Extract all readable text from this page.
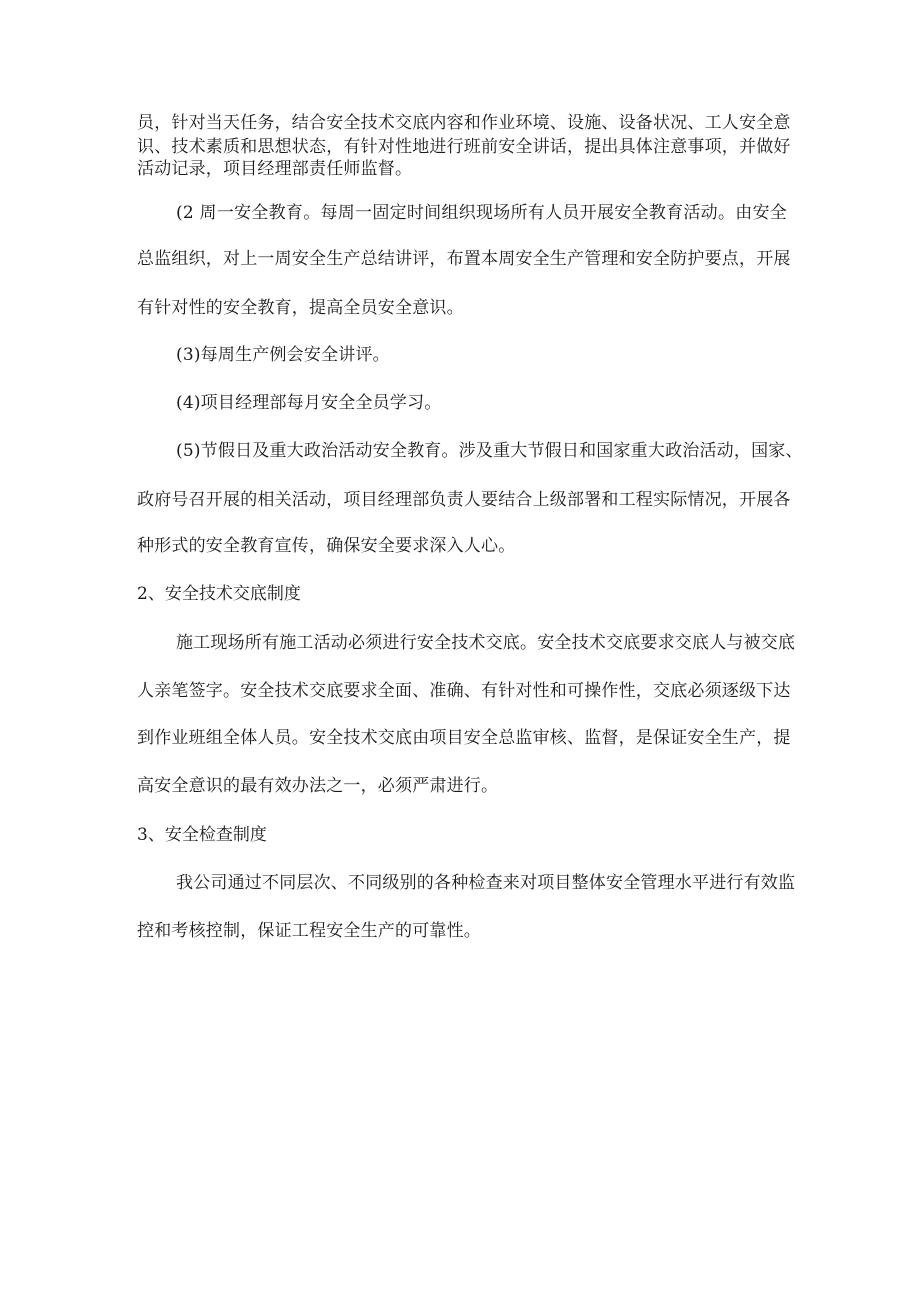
员，针对当天任务，结合安全技术交底内容和作业环境、设施、设备状况、工人安全意
识、技术素质和思想状态，有针对性地进行班前安全讲话，提出具体注意事项，并做好
活动记录，项目经理部责任师监督。
(2 周一安全教育。每周一固定时间组织现场所有人员开展安全教育活动。由安全
总监组织，对上一周安全生产总结讲评，布置本周安全生产管理和安全防护要点，开展
有针对性的安全教育，提高全员安全意识。
(3)每周生产例会安全讲评。
(4)项目经理部每月安全全员学习。
(5)节假日及重大政治活动安全教育。涉及重大节假日和国家重大政治活动，国家、
政府号召开展的相关活动，项目经理部负责人要结合上级部署和工程实际情况，开展各
种形式的安全教育宣传，确保安全要求深入人心。
2、安全技术交底制度
施工现场所有施工活动必须进行安全技术交底。安全技术交底要求交底人与被交底
人亲笔签字。安全技术交底要求全面、准确、有针对性和可操作性，交底必须逐级下达
到作业班组全体人员。安全技术交底由项目安全总监审核、监督，是保证安全生产，提
高安全意识的最有效办法之一，必须严肃进行。
3、安全检查制度
我公司通过不同层次、不同级别的各种检查来对项目整体安全管理水平进行有效监
控和考核控制，保证工程安全生产的可靠性。
